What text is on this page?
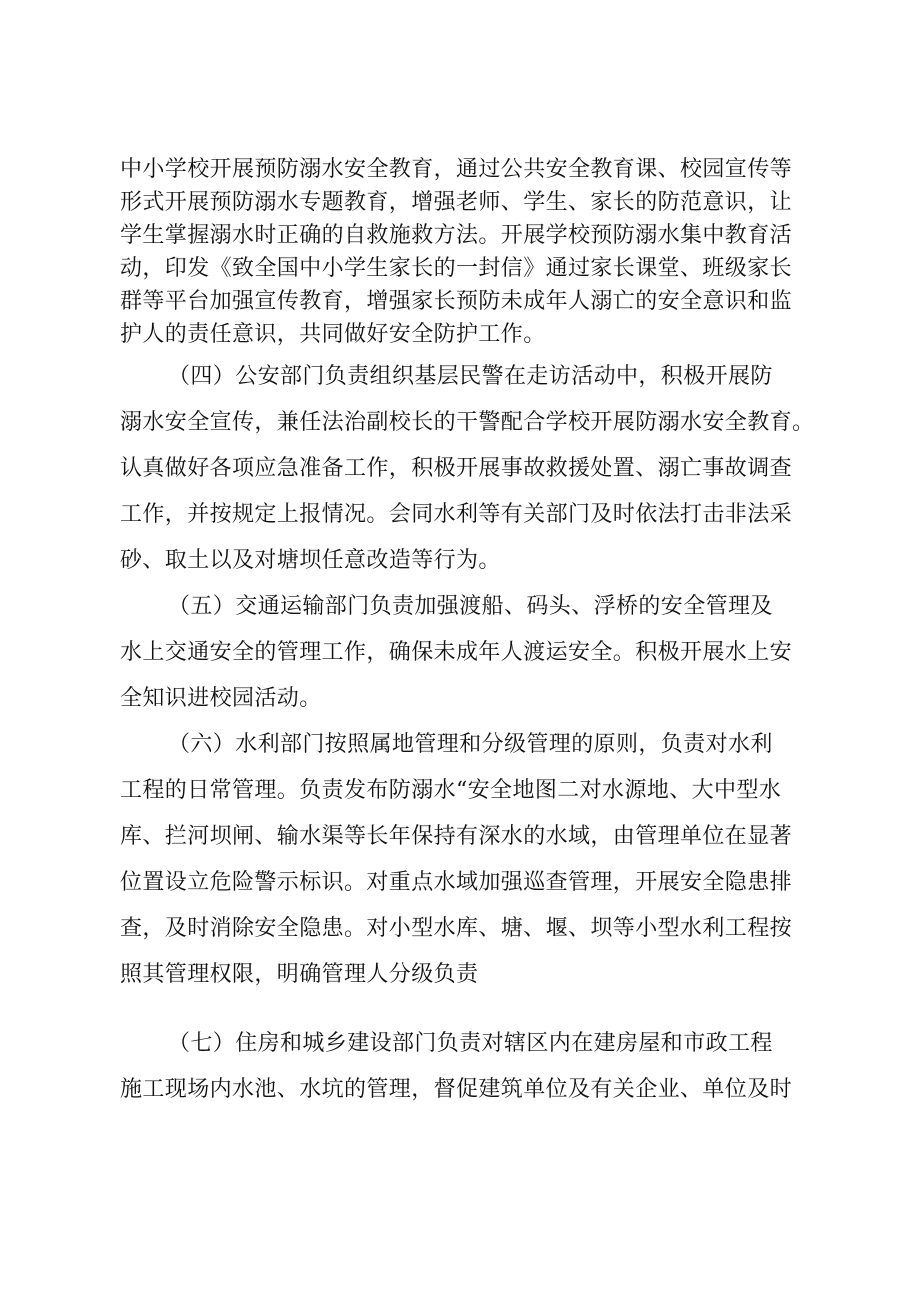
中小学校开展预防溺水安全教育，通过公共安全教育课、校园宣传等
形式开展预防溺水专题教育，增强老师、学生、家长的防范意识，让
学生掌握溺水时正确的自救施救方法。开展学校预防溺水集中教育活
动，印发《致全国中小学生家长的一封信》通过家长课堂、班级家长
群等平台加强宣传教育，增强家长预防未成年人溺亡的安全意识和监
护人的责任意识，共同做好安全防护工作。
（四）公安部门负责组织基层民警在走访活动中，积极开展防
溺水安全宣传，兼任法治副校长的干警配合学校开展防溺水安全教育。
认真做好各项应急准备工作，积极开展事故救援处置、溺亡事故调查
工作，并按规定上报情况。会同水利等有关部门及时依法打击非法采
砂、取土以及对塘坝任意改造等行为。
（五）交通运输部门负责加强渡船、码头、浮桥的安全管理及
水上交通安全的管理工作，确保未成年人渡运安全。积极开展水上安
全知识进校园活动。
（六）水利部门按照属地管理和分级管理的原则，负责对水利
工程的日常管理。负责发布防溺水“安全地图二对水源地、大中型水
库、拦河坝闸、输水渠等长年保持有深水的水域，由管理单位在显著
位置设立危险警示标识。对重点水域加强巡查管理，开展安全隐患排
查，及时消除安全隐患。对小型水库、塘、堰、坝等小型水利工程按
照其管理权限，明确管理人分级负责
（七）住房和城乡建设部门负责对辖区内在建房屋和市政工程
施工现场内水池、水坑的管理，督促建筑单位及有关企业、单位及时
